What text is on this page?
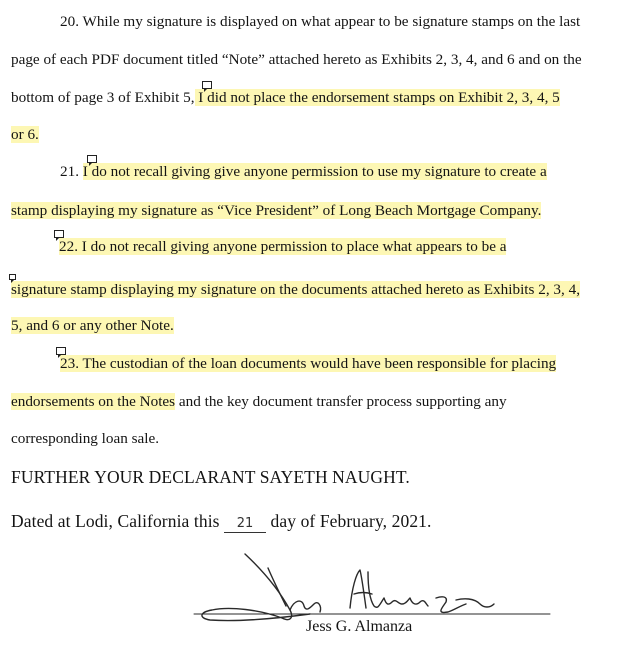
20. While my signature is displayed on what appear to be signature stamps on the last
page of each PDF document titled “Note” attached hereto as Exhibits 2, 3, 4, and 6 and on the
bottom of page 3 of Exhibit 5, I did not place the endorsement stamps on Exhibit 2, 3, 4, 5
or 6.
21. I do not recall giving give anyone permission to use my signature to create a
stamp displaying my signature as “Vice President” of Long Beach Mortgage Company.
22. I do not recall giving anyone permission to place what appears to be a
signature stamp displaying my signature on the documents attached hereto as Exhibits 2, 3, 4,
5, and 6 or any other Note.
23. The custodian of the loan documents would have been responsible for placing
endorsements on the Notes and the key document transfer process supporting any
corresponding loan sale.
FURTHER YOUR DECLARANT SAYETH NAUGHT.
Dated at Lodi, California this 21 day of February, 2021.
Jess G. Almanza
